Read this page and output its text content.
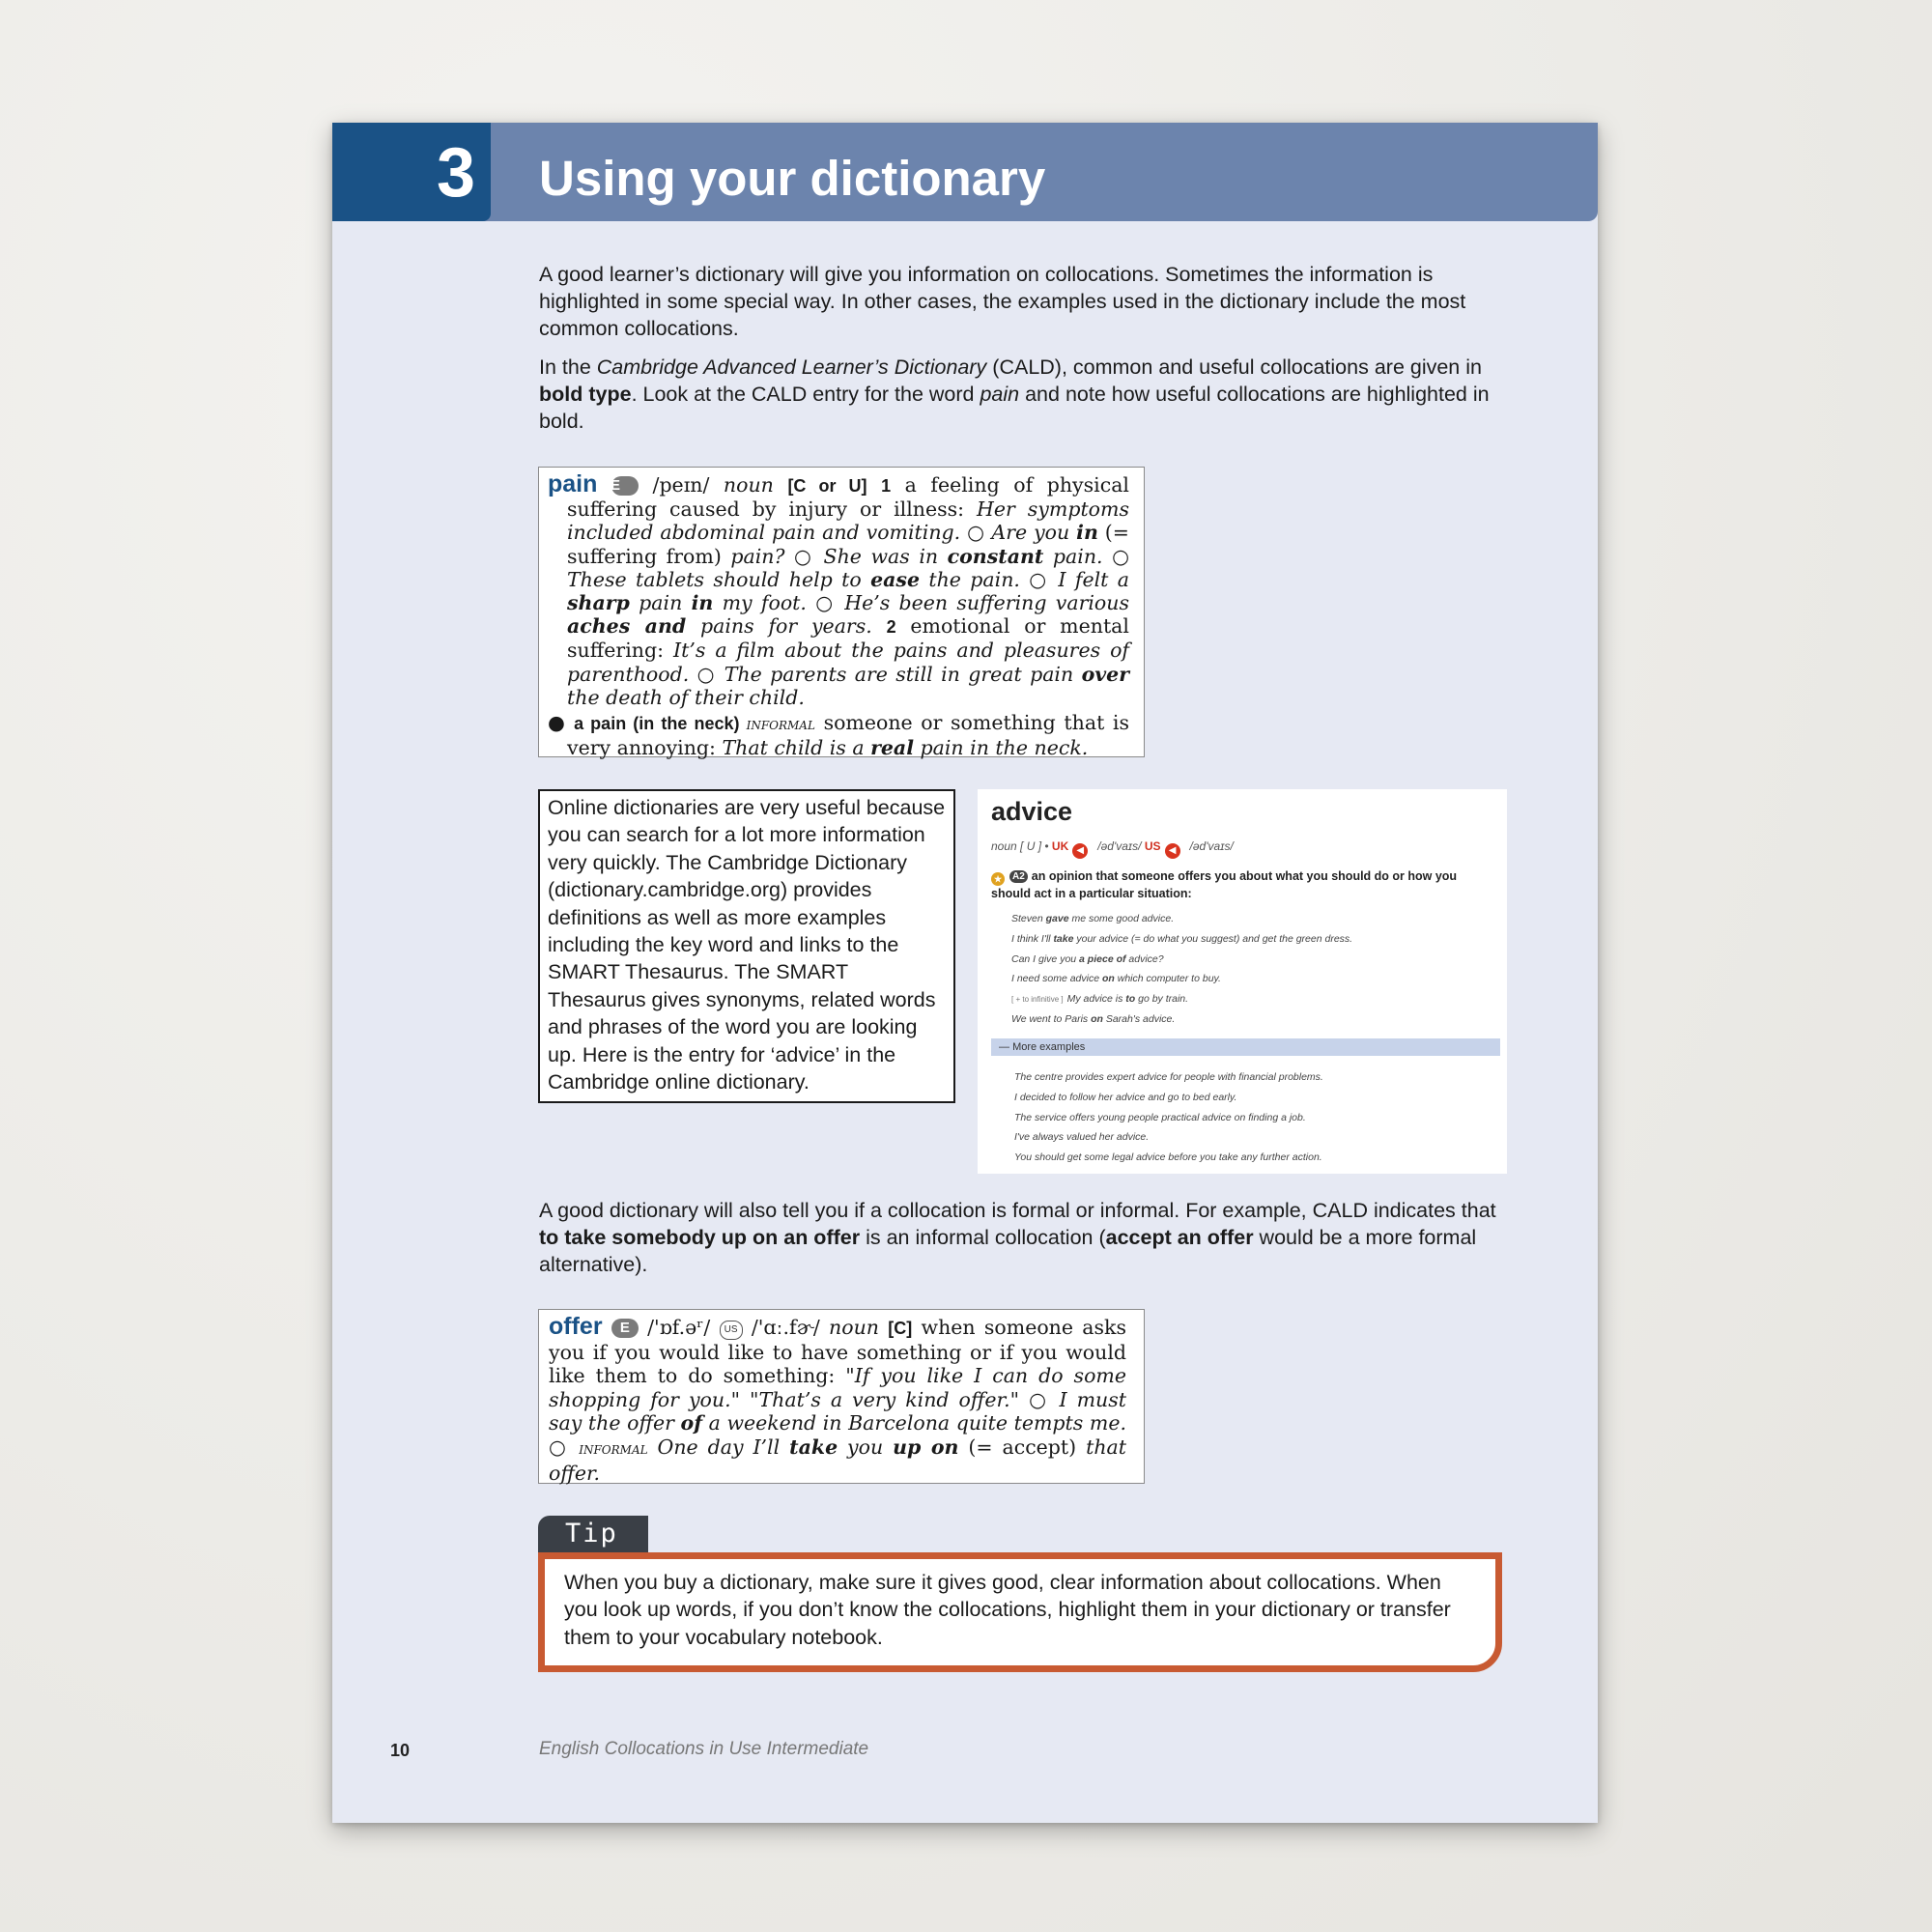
3 Using your dictionary

A good learner’s dictionary will give you information on collocations. Sometimes the information is highlighted in some special way. In other cases, the examples used in the dictionary include the most common collocations.

In the Cambridge Advanced Learner’s Dictionary (CALD), common and useful collocations are given in bold type. Look at the CALD entry for the word pain and note how useful collocations are highlighted in bold.

pain E /peɪn/ noun [C or U] 1 a feeling of physical suffering caused by injury or illness: Her symptoms included abdominal pain and vomiting. ○ Are you in (= suffering from) pain? ○ She was in constant pain. ○ These tablets should help to ease the pain. ○ I felt a sharp pain in my foot. ○ He’s been suffering various aches and pains for years. 2 emotional or mental suffering: It’s a film about the pains and pleasures of parenthood. ○ The parents are still in great pain over the death of their child.

● a pain (in the neck) informal someone or something that is very annoying: That child is a real pain in the neck.

Online dictionaries are very useful because you can search for a lot more information very quickly. The Cambridge Dictionary (dictionary.cambridge.org) provides definitions as well as more examples including the key word and links to the SMART Thesaurus. The SMART Thesaurus gives synonyms, related words and phrases of the word you are looking up. Here is the entry for ‘advice’ in the Cambridge online dictionary.

advice
noun [ U ] • UK ◀ /əd'vaɪs/ US ◀ /əd'vaɪs/
★ A2 an opinion that someone offers you about what you should do or how you should act in a particular situation:
Steven gave me some good advice.
I think I'll take your advice (= do what you suggest) and get the green dress.
Can I give you a piece of advice?
I need some advice on which computer to buy.
[ + to infinitive ] My advice is to go by train.
We went to Paris on Sarah's advice.
— More examples
The centre provides expert advice for people with financial problems.
I decided to follow her advice and go to bed early.
The service offers young people practical advice on finding a job.
I've always valued her advice.
You should get some legal advice before you take any further action.

A good dictionary will also tell you if a collocation is formal or informal. For example, CALD indicates that to take somebody up on an offer is an informal collocation (accept an offer would be a more formal alternative).

offer E /'ɒf.əʳ/ US /'ɑː.fɚ/ noun [C] when someone asks you if you would like to have something or if you would like them to do something: "If you like I can do some shopping for you." "That’s a very kind offer." ○ I must say the offer of a weekend in Barcelona quite tempts me. ○ informal One day I’ll take you up on (= accept) that offer.

Tip
When you buy a dictionary, make sure it gives good, clear information about collocations. When you look up words, if you don’t know the collocations, highlight them in your dictionary or transfer them to your vocabulary notebook.
10	English Collocations in Use Intermediate
